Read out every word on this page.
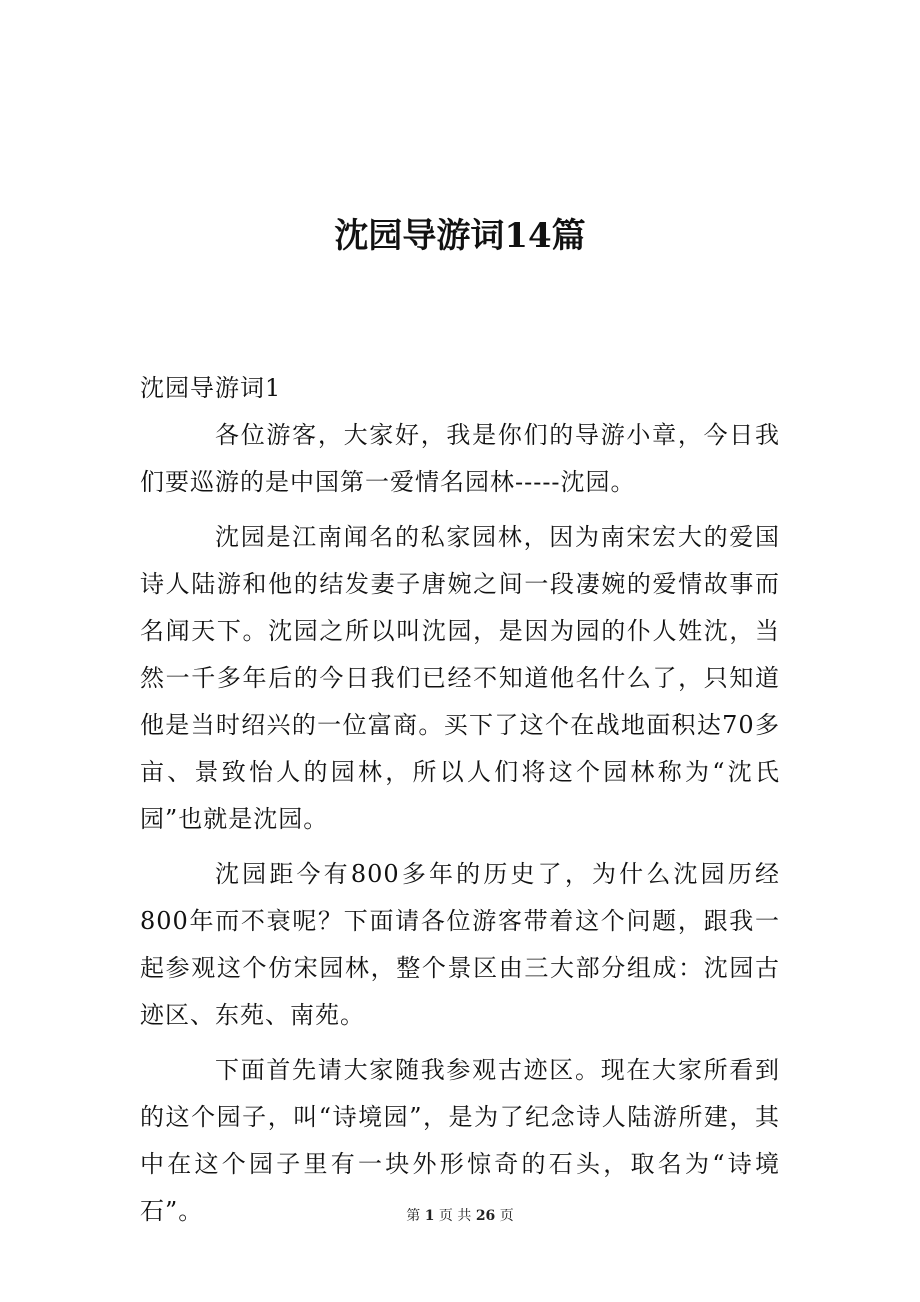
沈园导游词14篇

沈园导游词1

各位游客，大家好，我是你们的导游小章，今日我们要巡游的是中国第一爱情名园林-----沈园。

沈园是江南闻名的私家园林，因为南宋宏大的爱国诗人陆游和他的结发妻子唐婉之间一段凄婉的爱情故事而名闻天下。沈园之所以叫沈园，是因为园的仆人姓沈，当然一千多年后的今日我们已经不知道他名什么了，只知道他是当时绍兴的一位富商。买下了这个在战地面积达70多亩、景致怡人的园林，所以人们将这个园林称为“沈氏园”也就是沈园。

沈园距今有800多年的历史了，为什么沈园历经800年而不衰呢？下面请各位游客带着这个问题，跟我一起参观这个仿宋园林，整个景区由三大部分组成：沈园古迹区、东苑、南苑。

下面首先请大家随我参观古迹区。现在大家所看到的这个园子，叫“诗境园”，是为了纪念诗人陆游所建，其中在这个园子里有一块外形惊奇的石头，取名为“诗境石”。	第 1 页 共 26 页
